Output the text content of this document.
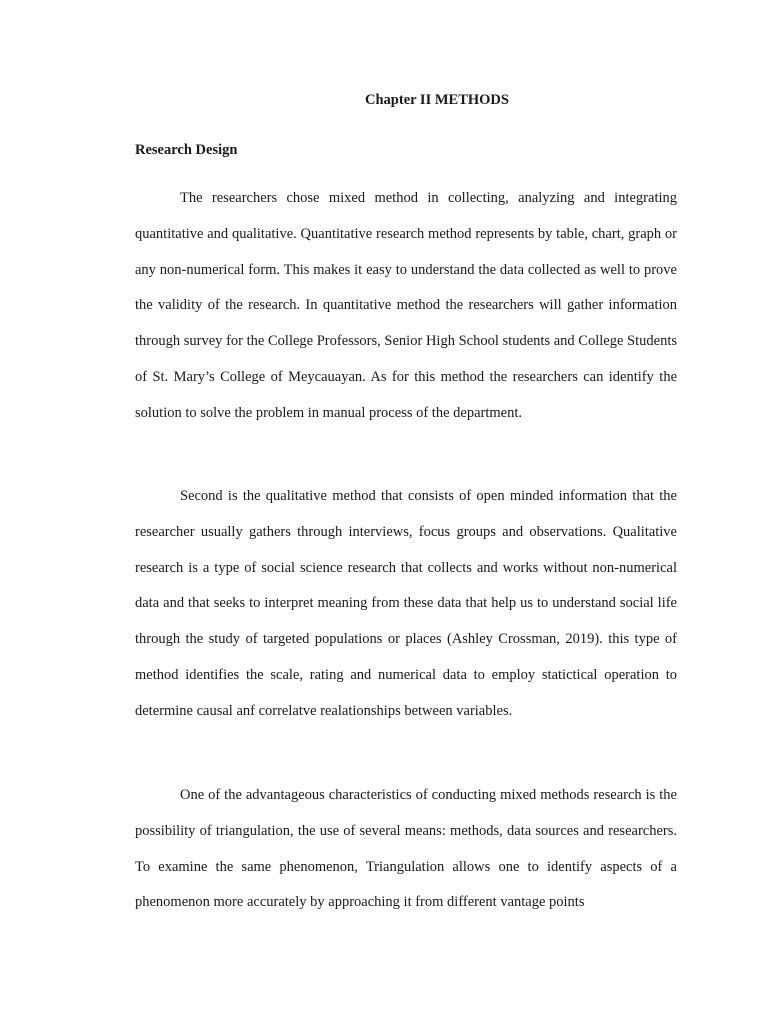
Chapter II METHODS
Research Design

The researchers chose mixed method in collecting, analyzing and integrating quantitative and qualitative. Quantitative research method represents by table, chart, graph or any non-numerical form. This makes it easy to understand the data collected as well to prove the validity of the research. In quantitative method the researchers will gather information through survey for the College Professors, Senior High School students and College Students of St. Mary’s College of Meycauayan. As for this method the researchers can identify the solution to solve the problem in manual process of the department.

Second is the qualitative method that consists of open minded information that the researcher usually gathers through interviews, focus groups and observations. Qualitative research is a type of social science research that collects and works without non-numerical data and that seeks to interpret meaning from these data that help us to understand social life through the study of targeted populations or places (Ashley Crossman, 2019). this type of method identifies the scale, rating and numerical data to employ statictical operation to determine causal anf correlatve realationships between variables.

One of the advantageous characteristics of conducting mixed methods research is the possibility of triangulation, the use of several means: methods, data sources and researchers. To examine the same phenomenon, Triangulation allows one to identify aspects of a phenomenon more accurately by approaching it from different vantage points
